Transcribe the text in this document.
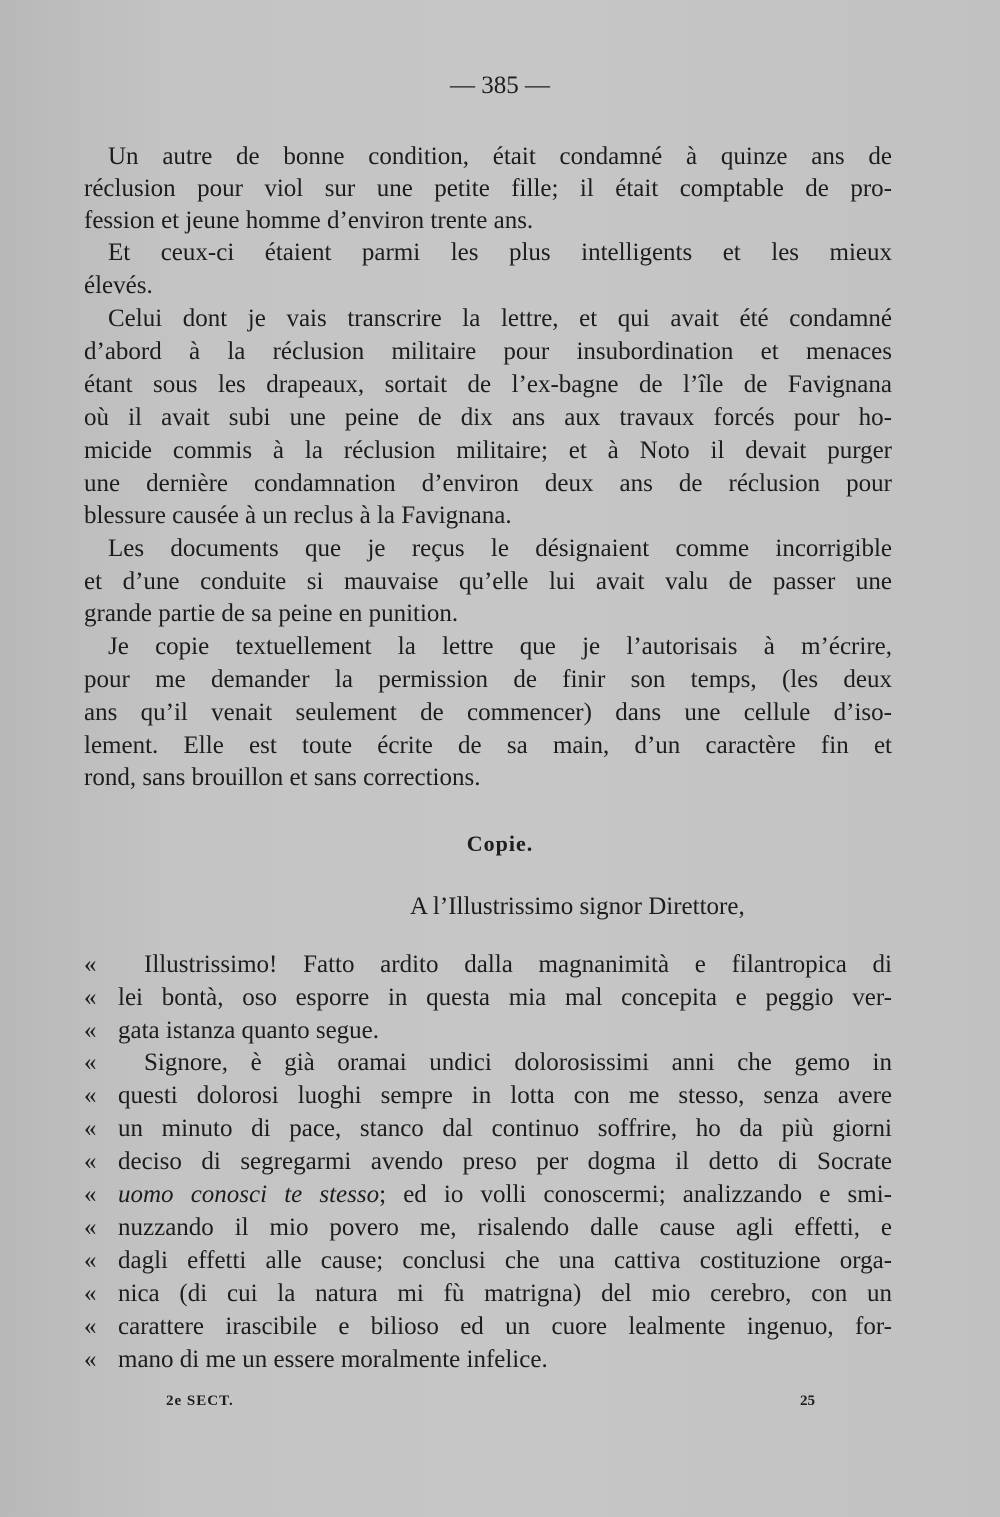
— 385 —
Un autre de bonne condition, était condamné à quinze ans de
réclusion pour viol sur une petite fille; il était comptable de pro-
fession et jeune homme d’environ trente ans.
Et ceux-ci étaient parmi les plus intelligents et les mieux
élevés.
Celui dont je vais transcrire la lettre, et qui avait été condamné
d’abord à la réclusion militaire pour insubordination et menaces
étant sous les drapeaux, sortait de l’ex-bagne de l’île de Favignana
où il avait subi une peine de dix ans aux travaux forcés pour ho-
micide commis à la réclusion militaire; et à Noto il devait purger
une dernière condamnation d’environ deux ans de réclusion pour
blessure causée à un reclus à la Favignana.
Les documents que je reçus le désignaient comme incorrigible
et d’une conduite si mauvaise qu’elle lui avait valu de passer une
grande partie de sa peine en punition.
Je copie textuellement la lettre que je l’autorisais à m’écrire,
pour me demander la permission de finir son temps, (les deux
ans qu’il venait seulement de commencer) dans une cellule d’iso-
lement. Elle est toute écrite de sa main, d’un caractère fin et
rond, sans brouillon et sans corrections.
Copie.
A l’Illustrissimo signor Direttore,
«	Illustrissimo! Fatto ardito dalla magnanimità e filantropica di
« lei bontà, oso esporre in questa mia mal concepita e peggio ver-
« gata istanza quanto segue.
«	Signore, è già oramai undici dolorosissimi anni che gemo in
« questi dolorosi luoghi sempre in lotta con me stesso, senza avere
« un minuto di pace, stanco dal continuo soffrire, ho da più giorni
« deciso di segregarmi avendo preso per dogma il detto di Socrate
« uomo conosci te stesso; ed io volli conoscermi; analizzando e smi-
« nuzzando il mio povero me, risalendo dalle cause agli effetti, e
« dagli effetti alle cause; conclusi che una cattiva costituzione orga-
« nica (di cui la natura mi fù matrigna) del mio cerebro, con un
« carattere irascibile e bilioso ed un cuore lealmente ingenuo, for-
« mano di me un essere moralmente infelice.
2e SECT.	25
